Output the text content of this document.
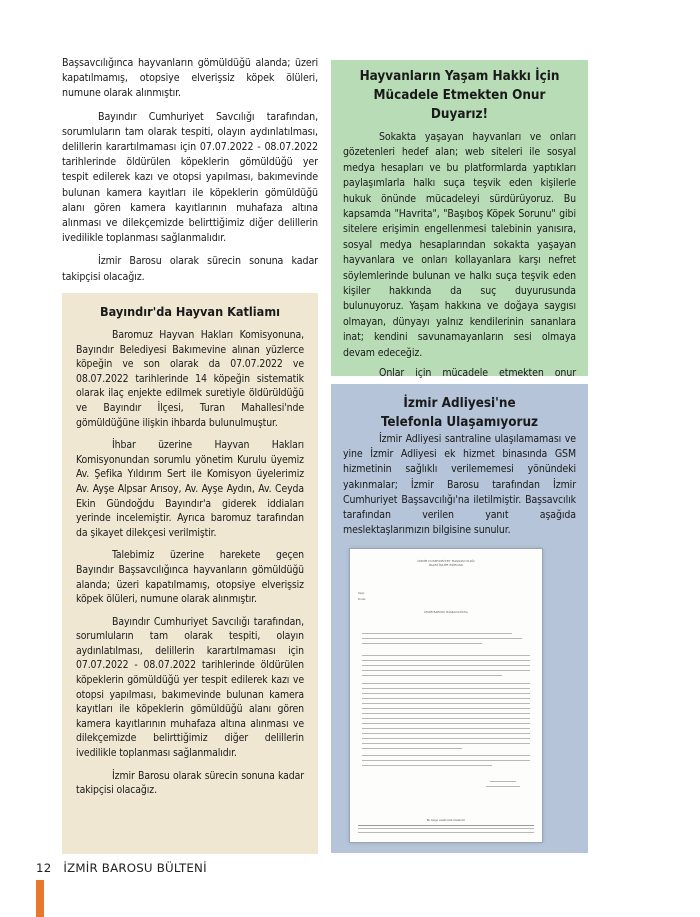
Başsavcılığınca hayvanların gömüldüğü alanda; üzeri kapatılmamış, otopsiye elverişsiz köpek ölüleri, numune olarak alınmıştır.

Bayındır Cumhuriyet Savcılığı tarafından, sorumluların tam olarak tespiti, olayın aydınlatılması, delillerin karartılmaması için 07.07.2022 - 08.07.2022 tarihlerinde öldürülen köpeklerin gömüldüğü yer tespit edilerek kazı ve otopsi yapılması, bakımevinde bulunan kamera kayıtları ile köpeklerin gömüldüğü alanı gören kamera kayıtlarının muhafaza altına alınması ve dilekçemizde belirttiğimiz diğer delillerin ivedilikle toplanması sağlanmalıdır.

İzmir Barosu olarak sürecin sonuna kadar takipçisi olacağız.

Bayındır'da Hayvan Katliamı

Baromuz Hayvan Hakları Komisyonuna, Bayındır Belediyesi Bakımevine alınan yüzlerce köpeğin ve son olarak da 07.07.2022 ve 08.07.2022 tarihlerinde 14 köpeğin sistematik olarak ilaç enjekte edilmek suretiyle öldürüldüğü ve Bayındır İlçesi, Turan Mahallesi'nde gömüldüğüne ilişkin ihbarda bulunulmuştur.

İhbar üzerine Hayvan Hakları Komisyonundan sorumlu yönetim Kurulu üyemiz Av. Şefika Yıldırım Sert ile Komisyon üyelerimiz Av. Ayşe Alpsar Arısoy, Av. Ayşe Aydın, Av. Ceyda Ekin Gündoğdu Bayındır'a giderek iddiaları yerinde incelemiştir. Ayrıca baromuz tarafından da şikayet dilekçesi verilmiştir.

Talebimiz üzerine harekete geçen Bayındır Başsavcılığınca hayvanların gömüldüğü alanda; üzeri kapatılmamış, otopsiye elverişsiz köpek ölüleri, numune olarak alınmıştır.

Bayındır Cumhuriyet Savcılığı tarafından, sorumluların tam olarak tespiti, olayın aydınlatılması, delillerin karartılmaması için 07.07.2022 - 08.07.2022 tarihlerinde öldürülen köpeklerin gömüldüğü yer tespit edilerek kazı ve otopsi yapılması, bakımevinde bulunan kamera kayıtları ile köpeklerin gömüldüğü alanı gören kamera kayıtlarının muhafaza altına alınması ve dilekçemizde belirttiğimiz diğer delillerin ivedilikle toplanması sağlanmalıdır.

İzmir Barosu olarak sürecin sonuna kadar takipçisi olacağız.

Hayvanların Yaşam Hakkı İçin
Mücadele Etmekten Onur Duyarız!

Sokakta yaşayan hayvanları ve onları gözetenleri hedef alan; web siteleri ile sosyal medya hesapları ve bu platformlarda yaptıkları paylaşımlarla halkı suça teşvik eden kişilerle hukuk önünde mücadeleyi sürdürüyoruz. Bu kapsamda "Havrita", "Başıboş Köpek Sorunu" gibi sitelere erişimin engellenmesi talebinin yanısıra, sosyal medya hesaplarından sokakta yaşayan hayvanlara ve onları kollayanlara karşı nefret söylemlerinde bulunan ve halkı suça teşvik eden kişiler hakkında da suç duyurusunda bulunuyoruz. Yaşam hakkına ve doğaya saygısı olmayan, dünyayı yalnız kendilerinin sananlara inat; kendini savunamayanların sesi olmaya devam edeceğiz.

Onlar için mücadele etmekten onur

İzmir Adliyesi'ne
Telefonla Ulaşamıyoruz

İzmir Adliyesi santraline ulaşılamaması ve yine İzmir Adliyesi ek hizmet binasında GSM hizmetinin sağlıklı verilememesi yönündeki yakınmalar; İzmir Barosu tarafından İzmir Cumhuriyet Başsavcılığı'na iletilmiştir. Başsavcılık tarafından verilen yanıt aşağıda meslektaşlarımızın bilgisine sunulur.

İZMİR CUMHURİYET BAŞSAVCILIĞI
İDARİ İŞLER BÜROSU
Sayı:
Konu:
İZMİR BAROSU BAŞKANLIĞINA
Bu belge elektronik imzalıdır.
12 İZMİR BAROSU BÜLTENİ
